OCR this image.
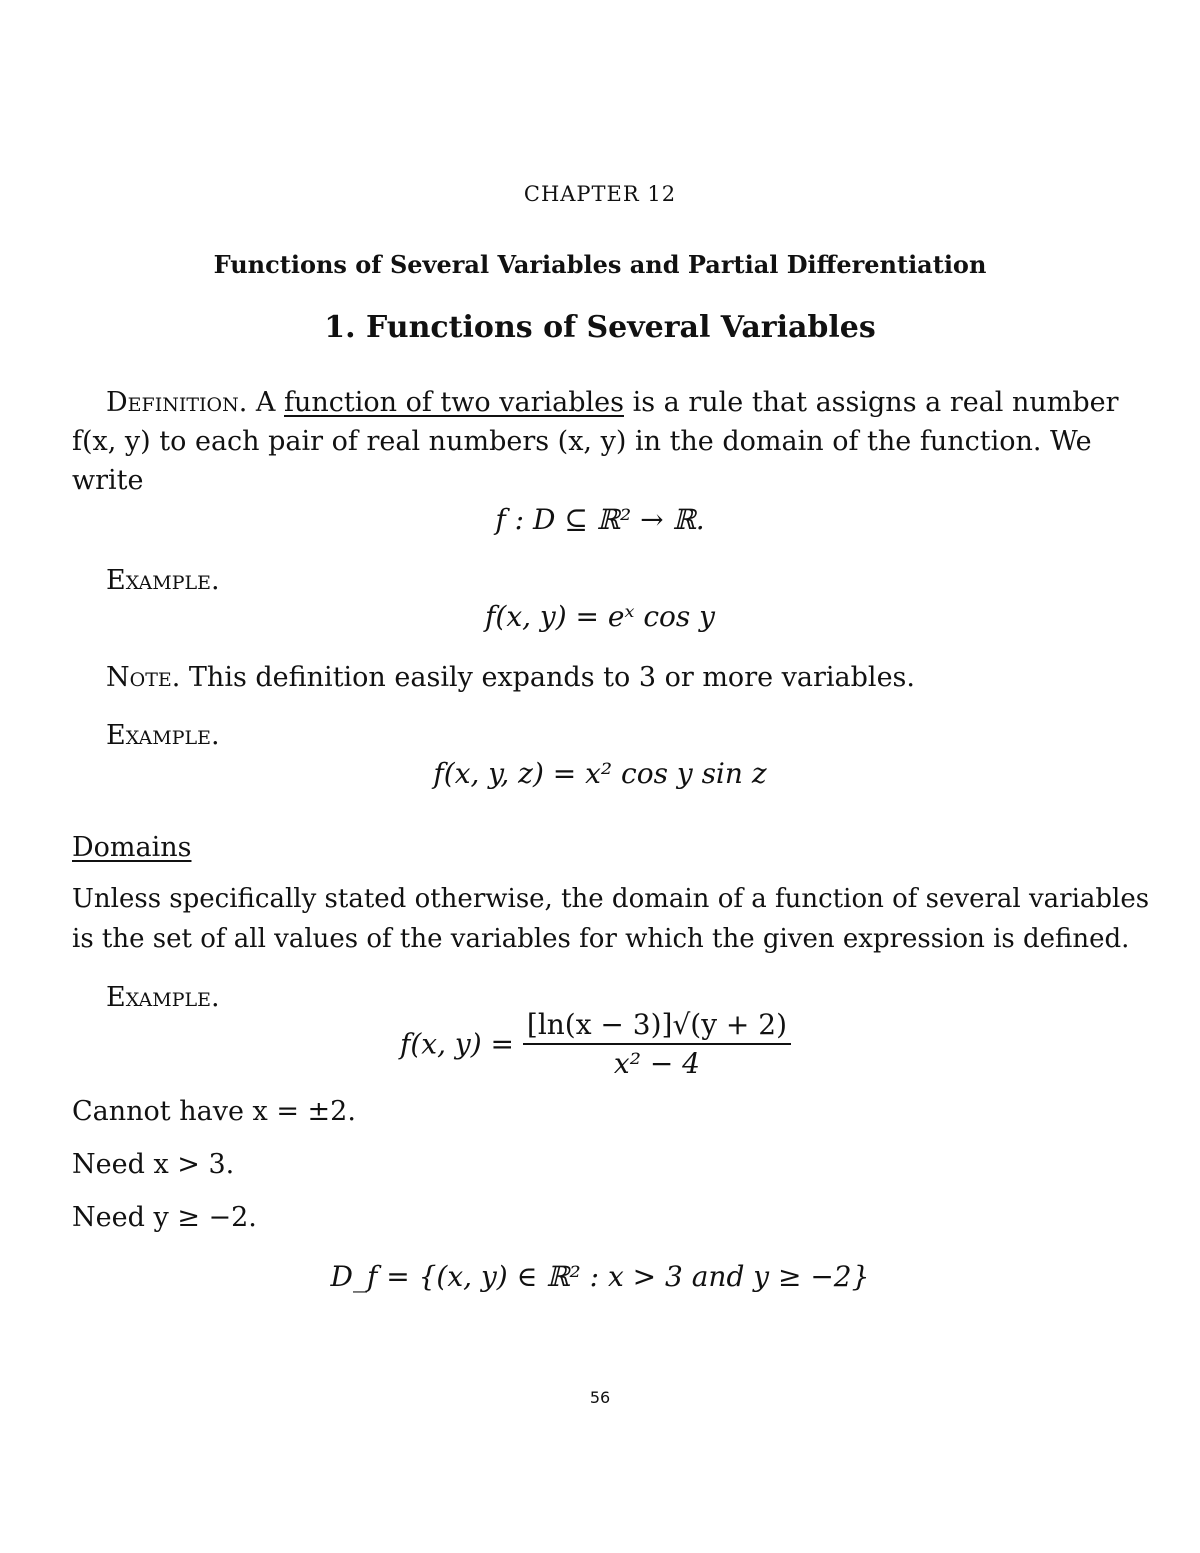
CHAPTER 12
Functions of Several Variables and Partial Differentiation
1. Functions of Several Variables
Definition. A function of two variables is a rule that assigns a real number
f(x, y) to each pair of real numbers (x, y) in the domain of the function. We
write
f : D ⊆ ℝ² → ℝ.
Example.
f(x, y) = eˣ cos y
Note. This definition easily expands to 3 or more variables.
Example.
f(x, y, z) = x² cos y sin z
Domains
Unless specifically stated otherwise, the domain of a function of several variables
is the set of all values of the variables for which the given expression is defined.
Example.
f(x, $y) = \frac{[\ln(x - 3)]√(y + 2)}{\text{x² − 4}}$
Cannot have x = ±2.
Need x > 3.
Need y ≥ −2.
D_f = {(x, y) ∈ ℝ² : x > 3 and y ≥ −2}
56
